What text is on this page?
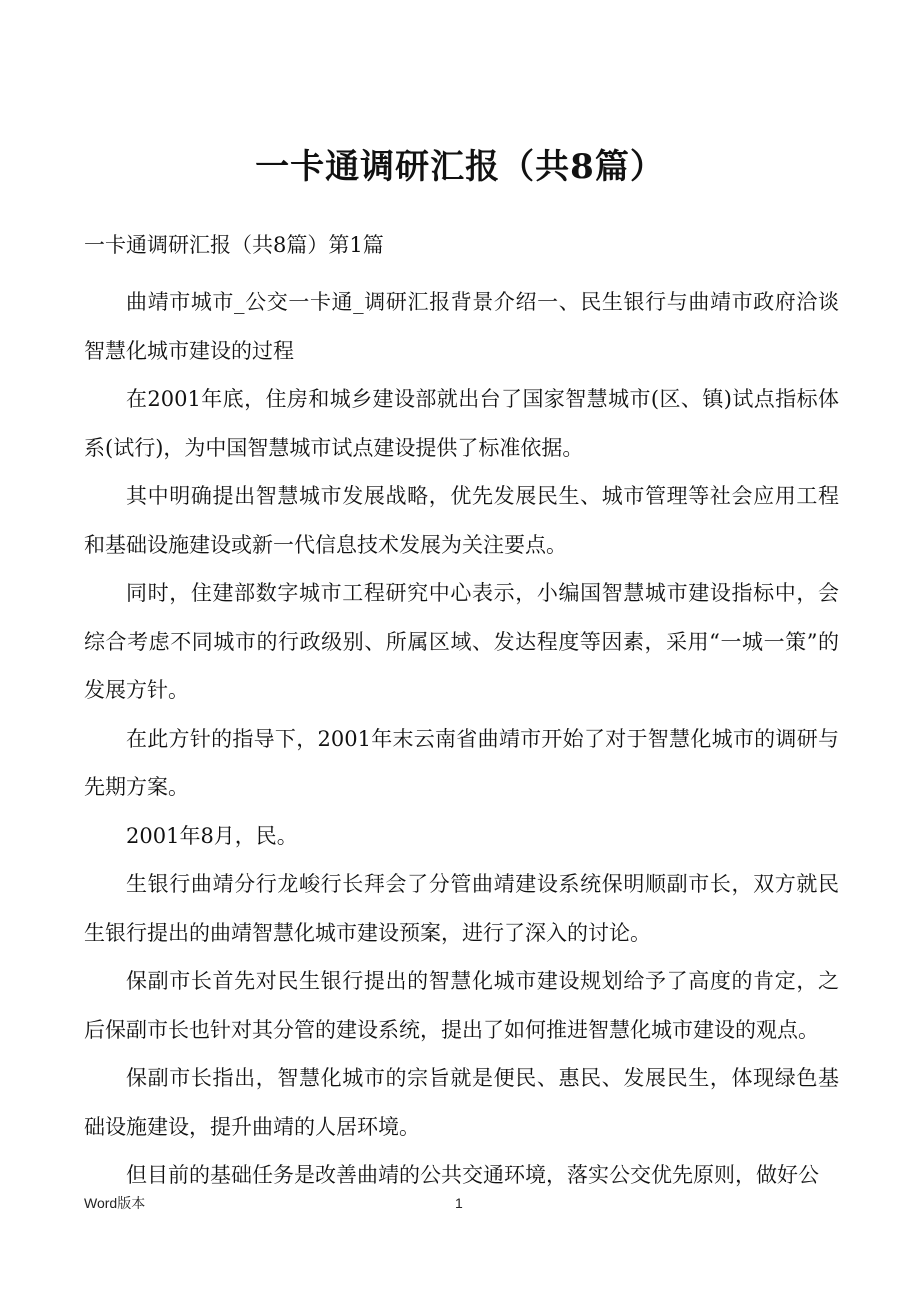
一卡通调研汇报（共8篇）
一卡通调研汇报（共8篇）第1篇

曲靖市城市_公交一卡通_调研汇报背景介绍一、民生银行与曲靖市政府洽谈智慧化城市建设的过程

在2001年底，住房和城乡建设部就出台了国家智慧城市(区、镇)试点指标体系(试行)，为中国智慧城市试点建设提供了标准依据。

其中明确提出智慧城市发展战略，优先发展民生、城市管理等社会应用工程和基础设施建设或新一代信息技术发展为关注要点。

同时，住建部数字城市工程研究中心表示，小编国智慧城市建设指标中，会综合考虑不同城市的行政级别、所属区域、发达程度等因素，采用“一城一策”的发展方针。

在此方针的指导下，2001年末云南省曲靖市开始了对于智慧化城市的调研与先期方案。

2001年8月，民。

生银行曲靖分行龙峻行长拜会了分管曲靖建设系统保明顺副市长，双方就民生银行提出的曲靖智慧化城市建设预案，进行了深入的讨论。

保副市长首先对民生银行提出的智慧化城市建设规划给予了高度的肯定，之后保副市长也针对其分管的建设系统，提出了如何推进智慧化城市建设的观点。

保副市长指出，智慧化城市的宗旨就是便民、惠民、发展民生，体现绿色基础设施建设，提升曲靖的人居环境。

但目前的基础任务是改善曲靖的公共交通环境，落实公交优先原则，做好公

Word版本	1
